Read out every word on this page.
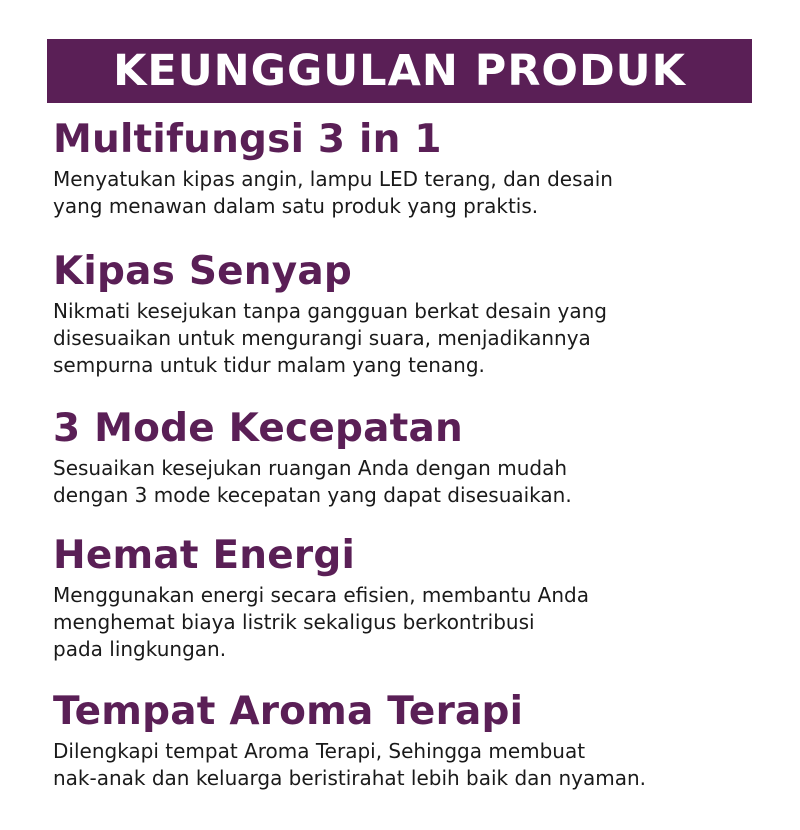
KEUNGGULAN PRODUK
Multifungsi 3 in 1

Menyatukan kipas angin, lampu LED terang, dan desain
yang menawan dalam satu produk yang praktis.

Kipas Senyap

Nikmati kesejukan tanpa gangguan berkat desain yang
disesuaikan untuk mengurangi suara, menjadikannya
sempurna untuk tidur malam yang tenang.

3 Mode Kecepatan

Sesuaikan kesejukan ruangan Anda dengan mudah
dengan 3 mode kecepatan yang dapat disesuaikan.

Hemat Energi

Menggunakan energi secara efisien, membantu Anda
menghemat biaya listrik sekaligus berkontribusi
pada lingkungan.

Tempat Aroma Terapi

Dilengkapi tempat Aroma Terapi, Sehingga membuat
nak-anak dan keluarga beristirahat lebih baik dan nyaman.
